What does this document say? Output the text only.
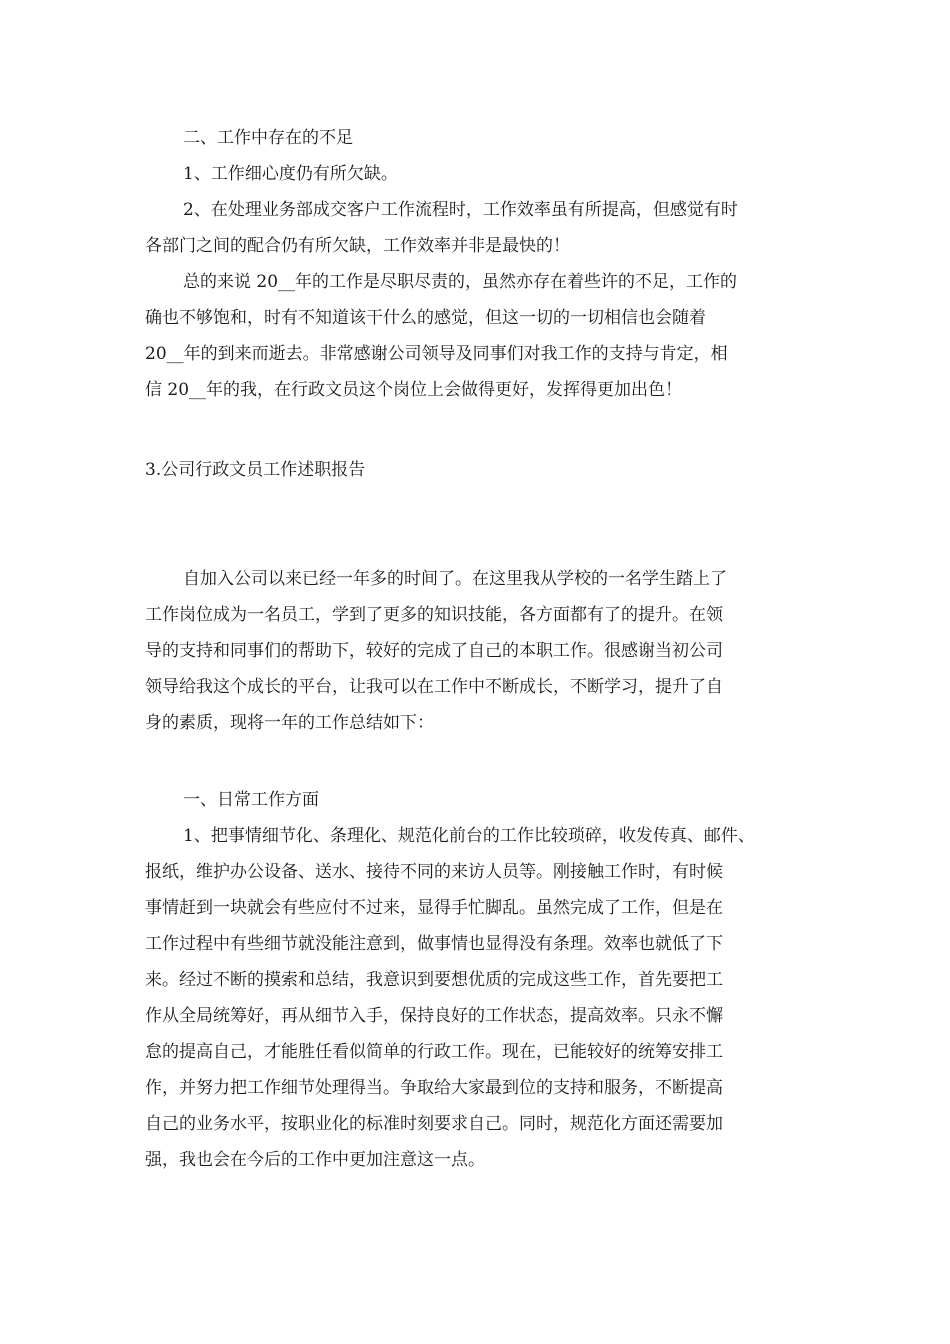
二、工作中存在的不足
1、工作细心度仍有所欠缺。
2、在处理业务部成交客户工作流程时，工作效率虽有所提高，但感觉有时
各部门之间的配合仍有所欠缺，工作效率并非是最快的！
总的来说 20__年的工作是尽职尽责的，虽然亦存在着些许的不足，工作的
确也不够饱和，时有不知道该干什么的感觉，但这一切的一切相信也会随着
20__年的到来而逝去。非常感谢公司领导及同事们对我工作的支持与肯定，相
信 20__年的我，在行政文员这个岗位上会做得更好，发挥得更加出色！
3.公司行政文员工作述职报告
自加入公司以来已经一年多的时间了。在这里我从学校的一名学生踏上了
工作岗位成为一名员工，学到了更多的知识技能，各方面都有了的提升。在领
导的支持和同事们的帮助下，较好的完成了自己的本职工作。很感谢当初公司
领导给我这个成长的平台，让我可以在工作中不断成长，不断学习，提升了自
身的素质，现将一年的工作总结如下：
一、日常工作方面
1、把事情细节化、条理化、规范化前台的工作比较琐碎，收发传真、邮件、
报纸，维护办公设备、送水、接待不同的来访人员等。刚接触工作时，有时候
事情赶到一块就会有些应付不过来，显得手忙脚乱。虽然完成了工作，但是在
工作过程中有些细节就没能注意到，做事情也显得没有条理。效率也就低了下
来。经过不断的摸索和总结，我意识到要想优质的完成这些工作，首先要把工
作从全局统筹好，再从细节入手，保持良好的工作状态，提高效率。只永不懈
怠的提高自己，才能胜任看似简单的行政工作。现在，已能较好的统筹安排工
作，并努力把工作细节处理得当。争取给大家最到位的支持和服务，不断提高
自己的业务水平，按职业化的标准时刻要求自己。同时，规范化方面还需要加
强，我也会在今后的工作中更加注意这一点。
